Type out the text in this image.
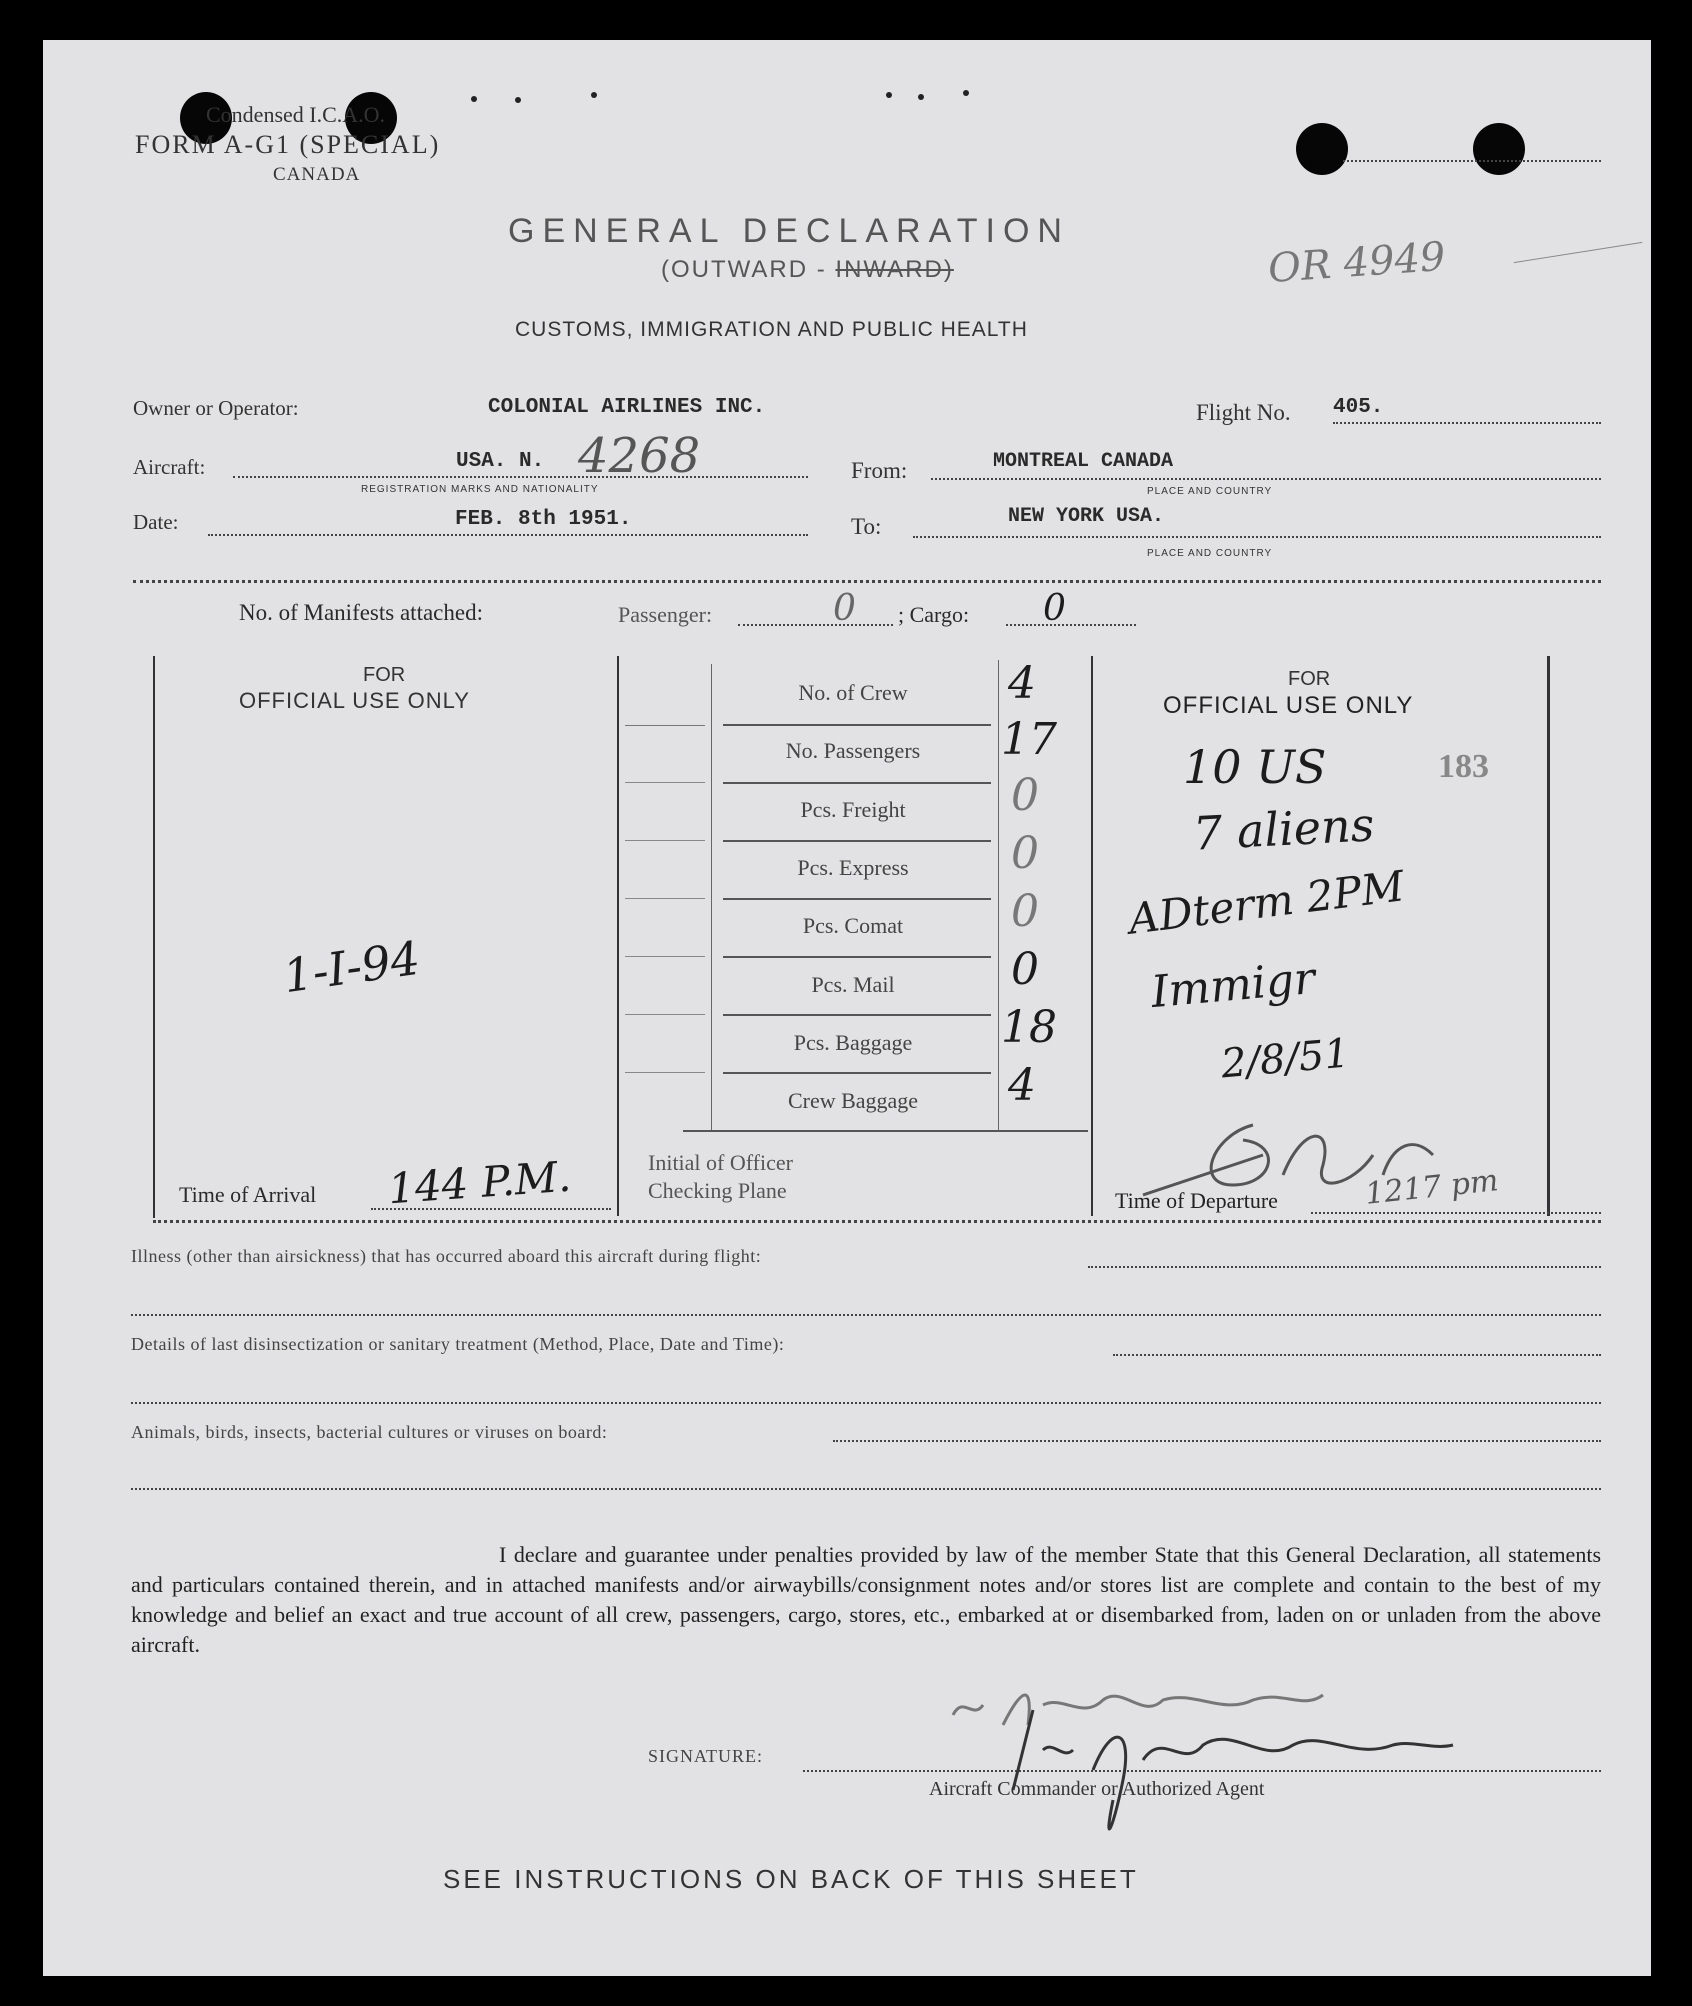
Condensed I.C.A.O.
FORM A-G1 (SPECIAL)
CANADA
GENERAL DECLARATION
(OUTWARD - INWARD)	OR 4949
CUSTOMS, IMMIGRATION AND PUBLIC HEALTH
Owner or Operator:	COLONIAL AIRLINES INC.	Flight No. 405.
Aircraft:	USA. N. 4268
REGISTRATION MARKS AND NATIONALITY
From:	MONTREAL CANADA
PLACE AND COUNTRY
Date:	FEB. 8th 1951.	To:	NEW YORK USA.
PLACE AND COUNTRY
No. of Manifests attached:	Passenger:	0 ; Cargo: 0
FOR
OFFICIAL USE ONLY
1-I-94
Time of Arrival 144 P.M.
No. of Crew	4
No. Passengers	17
Pcs. Freight	0
Pcs. Express	0
Pcs. Comat	0
Pcs. Mail	0
Pcs. Baggage	18
Crew Baggage	4
Initial of Officer
Checking Plane
FOR
OFFICIAL USE ONLY
183
10 US
7 aliens
ADterm 2PM
Immigr
2/8/51
Time of Departure	1217 pm
Illness (other than airsickness) that has occurred aboard this aircraft during flight:
Details of last disinsectization or sanitary treatment (Method, Place, Date and Time):
Animals, birds, insects, bacterial cultures or viruses on board:
I declare and guarantee under penalties provided by law of the member State that this General Declaration, all statements and particulars contained therein, and in attached manifests and/or airwaybills/consignment notes and/or stores list are complete and contain to the best of my knowledge and belief an exact and true account of all crew, passengers, cargo, stores, etc., embarked at or disembarked from, laden on or unladen from the above aircraft.
SIGNATURE:
Aircraft Commander or Authorized Agent
SEE INSTRUCTIONS ON BACK OF THIS SHEET
